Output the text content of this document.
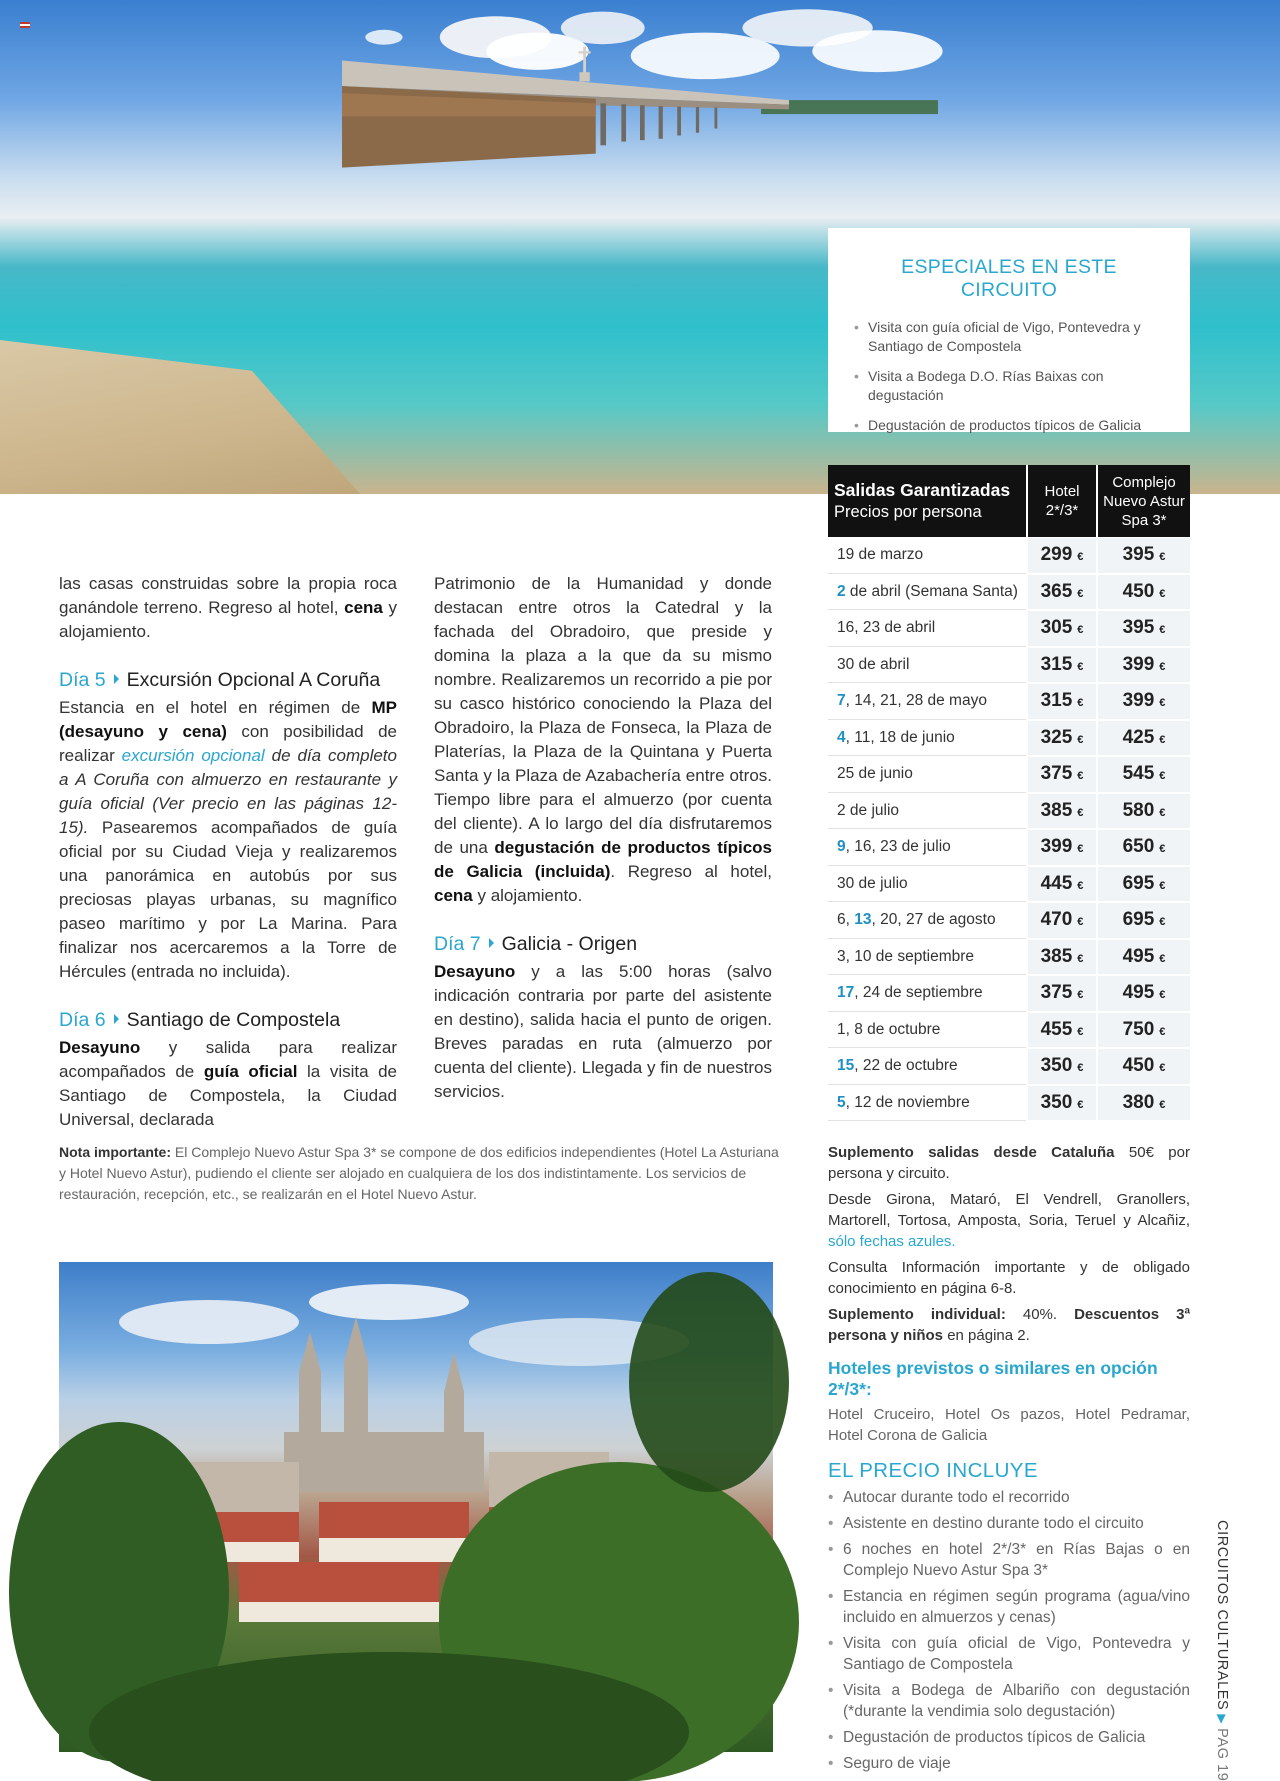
ESPECIALES EN ESTE CIRCUITO
• Visita con guía oficial de Vigo, Pontevedra y Santiago de Compostela
• Visita a Bodega D.O. Rías Baixas con degustación
• Degustación de productos típicos de Galicia
Salidas Garantizadas
Precios por persona	Hotel 2*/3*	Complejo Nuevo Astur Spa 3*
19 de marzo	299 €	395 €
2 de abril (Semana Santa)	365 €	450 €
16, 23 de abril	305 €	395 €
30 de abril	315 €	399 €
7, 14, 21, 28 de mayo	315 €	399 €
4, 11, 18 de junio	325 €	425 €
25 de junio	375 €	545 €
2 de julio	385 €	580 €
9, 16, 23 de julio	399 €	650 €
30 de julio	445 €	695 €
6, 13, 20, 27 de agosto	470 €	695 €
3, 10 de septiembre	385 €	495 €
17, 24 de septiembre	375 €	495 €
1, 8 de octubre	455 €	750 €
15, 22 de octubre	350 €	450 €
5, 12 de noviembre	350 €	380 €

las casas construidas sobre la propia roca ganándole terreno. Regreso al hotel, cena y alojamiento.

Día 5 Excursión Opcional A Coruña

Estancia en el hotel en régimen de MP (desayuno y cena) con posibilidad de realizar excursión opcional de día completo a A Coruña con almuerzo en restaurante y guía oficial (Ver precio en las páginas 12-15). Pasearemos acompañados de guía oficial por su Ciudad Vieja y realizaremos una panorámica en autobús por sus preciosas playas urbanas, su magnífico paseo marítimo y por La Marina. Para finalizar nos acercaremos a la Torre de Hércules (entrada no incluida).

Día 6 Santiago de Compostela

Desayuno y salida para realizar acompañados de guía oficial la visita de Santiago de Compostela, la Ciudad Universal, declarada

Patrimonio de la Humanidad y donde destacan entre otros la Catedral y la fachada del Obradoiro, que preside y domina la plaza a la que da su mismo nombre. Realizaremos un recorrido a pie por su casco histórico conociendo la Plaza del Obradoiro, la Plaza de Fonseca, la Plaza de Platerías, la Plaza de la Quintana y Puerta Santa y la Plaza de Azabachería entre otros. Tiempo libre para el almuerzo (por cuenta del cliente). A lo largo del día disfrutaremos de una degustación de productos típicos de Galicia (incluida). Regreso al hotel, cena y alojamiento.

Día 7 Galicia - Origen

Desayuno y a las 5:00 horas (salvo indicación contraria por parte del asistente en destino), salida hacia el punto de origen. Breves paradas en ruta (almuerzo por cuenta del cliente). Llegada y fin de nuestros servicios.

Nota importante: El Complejo Nuevo Astur Spa 3* se compone de dos edificios independientes (Hotel La Asturiana y Hotel Nuevo Astur), pudiendo el cliente ser alojado en cualquiera de los dos indistintamente. Los servicios de restauración, recepción, etc., se realizarán en el Hotel Nuevo Astur.

Suplemento salidas desde Cataluña 50€ por persona y circuito.

Desde Girona, Mataró, El Vendrell, Granollers, Martorell, Tortosa, Amposta, Soria, Teruel y Alcañiz, sólo fechas azules.

Consulta Información importante y de obligado conocimiento en página 6-8.

Suplemento individual: 40%. Descuentos 3ª persona y niños en página 2.

Hoteles previstos o similares en opción 2*/3*:

Hotel Cruceiro, Hotel Os pazos, Hotel Pedramar, Hotel Corona de Galicia

EL PRECIO INCLUYE
• Autocar durante todo el recorrido
• Asistente en destino durante todo el circuito
• 6 noches en hotel 2*/3* en Rías Bajas o en Complejo Nuevo Astur Spa 3*
• Estancia en régimen según programa (agua/vino incluido en almuerzos y cenas)
• Visita con guía oficial de Vigo, Pontevedra y Santiago de Compostela
• Visita a Bodega de Albariño con degustación (*durante la vendimia solo degustación)
• Degustación de productos típicos de Galicia
• Seguro de viaje
CIRCUITOS CULTURALES▶PAG 19
